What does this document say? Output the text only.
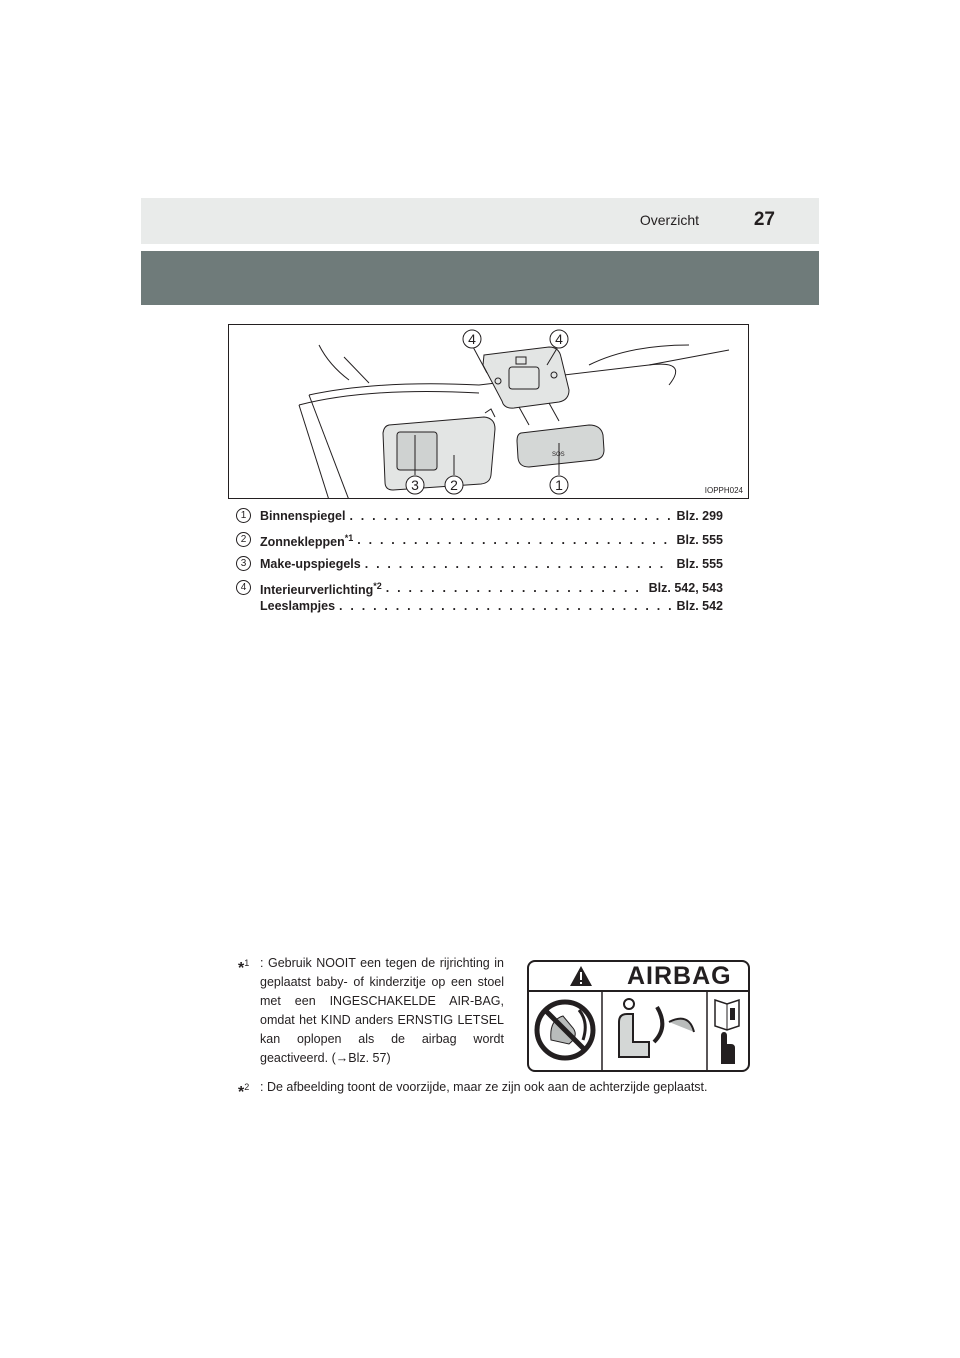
Overzicht	27
SOS
4	4
3 2	1	IOPPH024
1	Binnenspiegel . . .	Blz. 299
2	Zonnekleppen$^{*1}$ . . .	Blz. 555
3	Make-upspiegels . . .	Blz. 555
4	Interieurverlichting$^{*2}$ . . .	Blz. 542, 543
Leeslampjes . . .	Blz. 542
*$^1$ : Gebruik NOOIT een tegen de rijrichting in geplaatst baby- of kinderzitje op een stoel met een INGESCHAKELDE AIR-BAG, omdat het KIND anders ERNSTIG LETSEL kan oplopen als de airbag wordt geactiveerd. (→Blz. 57)
AIRBAG
*$^2$ : De afbeelding toont de voorzijde, maar ze zijn ook aan de achterzijde geplaatst.
